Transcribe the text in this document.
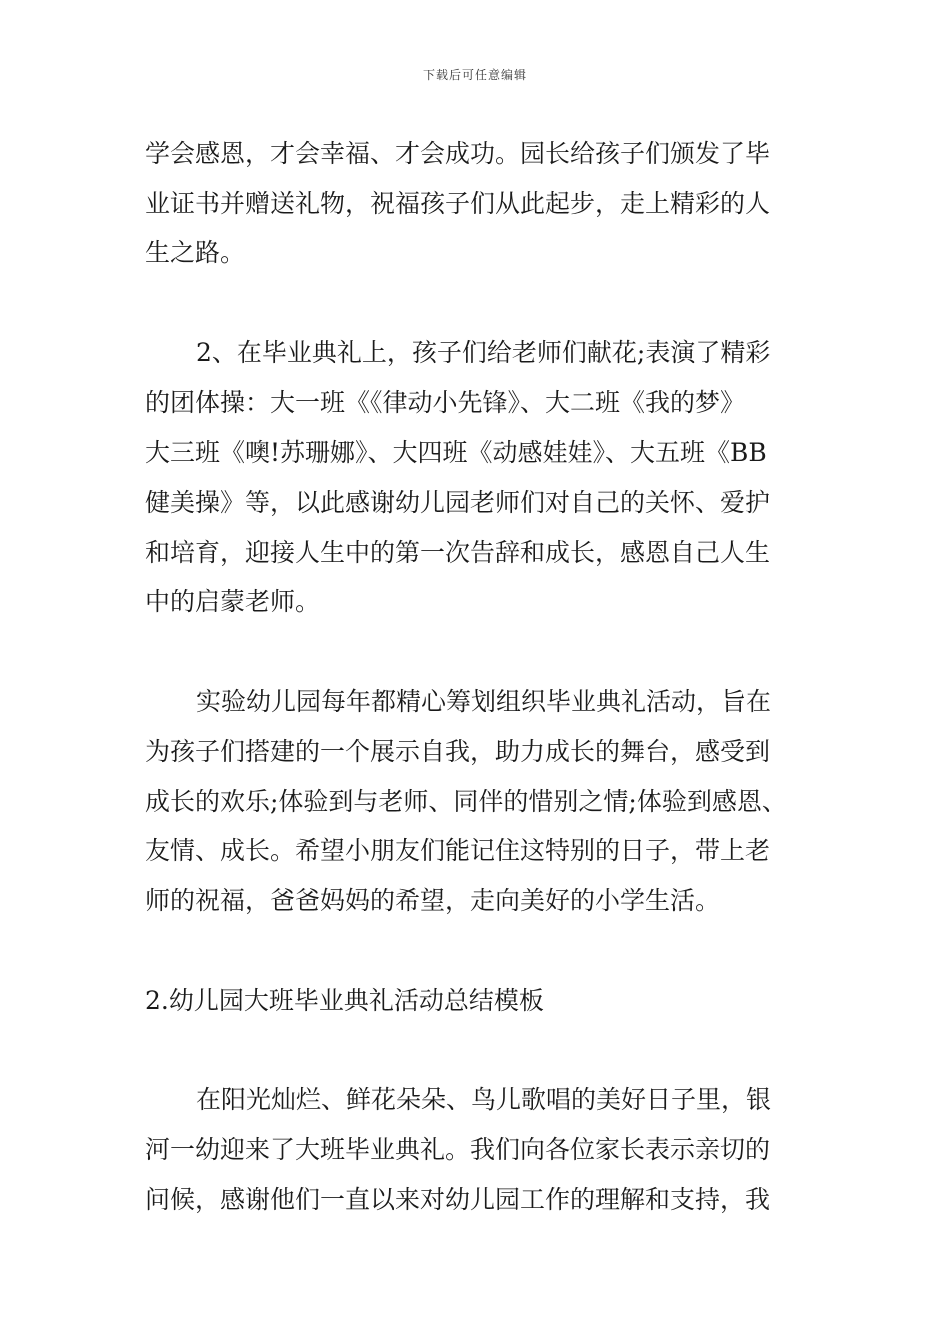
下载后可任意编辑
学会感恩，才会幸福、才会成功。园长给孩子们颁发了毕
业证书并赠送礼物，祝福孩子们从此起步，走上精彩的人
生之路。
2、在毕业典礼上，孩子们给老师们献花;表演了精彩
的团体操：大一班《《律动小先锋》、大二班《我的梦》
大三班《噢!苏珊娜》、大四班《动感娃娃》、大五班《BB
健美操》等，以此感谢幼儿园老师们对自己的关怀、爱护
和培育，迎接人生中的第一次告辞和成长，感恩自己人生
中的启蒙老师。
实验幼儿园每年都精心筹划组织毕业典礼活动，旨在
为孩子们搭建的一个展示自我，助力成长的舞台，感受到
成长的欢乐;体验到与老师、同伴的惜别之情;体验到感恩、
友情、成长。希望小朋友们能记住这特别的日子，带上老
师的祝福，爸爸妈妈的希望，走向美好的小学生活。
2.幼儿园大班毕业典礼活动总结模板
在阳光灿烂、鲜花朵朵、鸟儿歌唱的美好日子里，银
河一幼迎来了大班毕业典礼。我们向各位家长表示亲切的
问候，感谢他们一直以来对幼儿园工作的理解和支持，我
